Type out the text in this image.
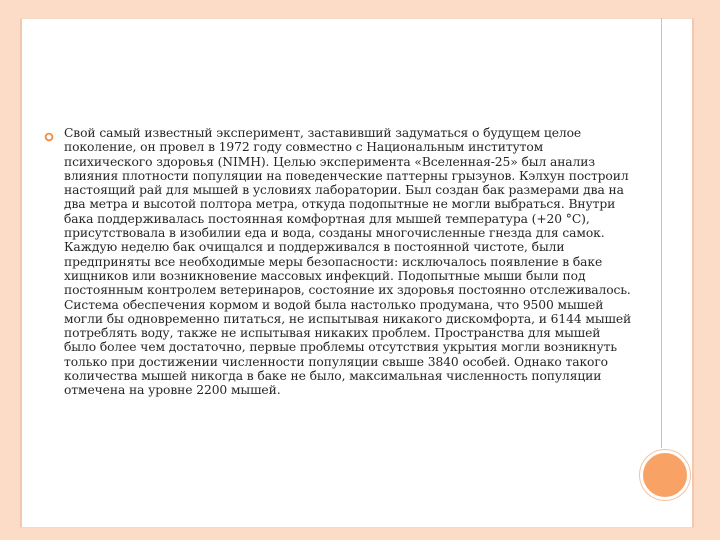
Свой самый известный эксперимент, заставивший задуматься о будущем целое поколение, он провел в 1972 году совместно с Национальным институтом психического здоровья (NIMH). Целью эксперимента «Вселенная-25» был анализ влияния плотности популяции на поведенческие паттерны грызунов. Кэлхун построил настоящий рай для мышей в условиях лаборатории. Был создан бак размерами два на два метра и высотой полтора метра, откуда подопытные не могли выбраться. Внутри бака поддерживалась постоянная комфортная для мышей температура (+20 °C), присутствовала в изобилии еда и вода, созданы многочисленные гнезда для самок. Каждую неделю бак очищался и поддерживался в постоянной чистоте, были предприняты все необходимые меры безопасности: исключалось появление в баке хищников или возникновение массовых инфекций. Подопытные мыши были под постоянным контролем ветеринаров, состояние их здоровья постоянно отслеживалось. Система обеспечения кормом и водой была настолько продумана, что 9500 мышей могли бы одновременно питаться, не испытывая никакого дискомфорта, и 6144 мышей потреблять воду, также не испытывая никаких проблем. Пространства для мышей было более чем достаточно, первые проблемы отсутствия укрытия могли возникнуть только при достижении численности популяции свыше 3840 особей. Однако такого количества мышей никогда в баке не было, максимальная численность популяции отмечена на уровне 2200 мышей.
